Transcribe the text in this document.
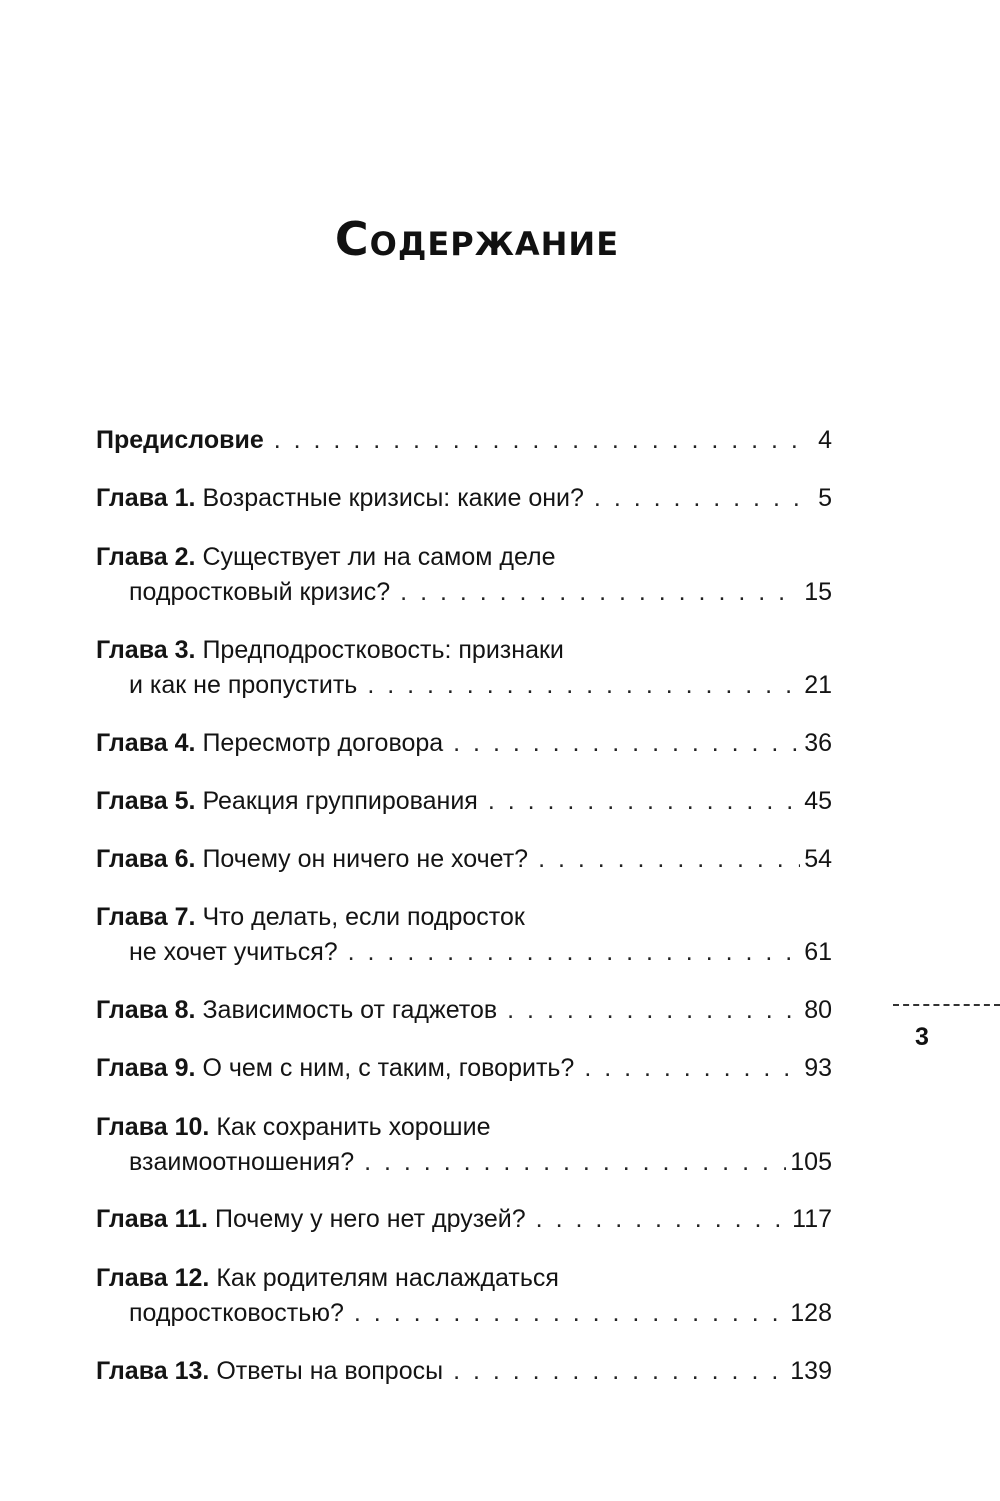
Содержание
Предисловие . . .	4
Глава 1. Возрастные кризисы: какие они? . . .	5
Глава 2. Существует ли на самом деле
подростковый кризис? . . .	15
Глава 3. Предподростковость: признаки
и как не пропустить . . .	21
Глава 4. Пересмотр договора . . .	36
Глава 5. Реакция группирования . . .	45
Глава 6. Почему он ничего не хочет? . . .	54
Глава 7. Что делать, если подросток
не хочет учиться? . . .	61
Глава 8. Зависимость от гаджетов . . .	80
Глава 9. О чем с ним, с таким, говорить? . . .	93
Глава 10. Как сохранить хорошие
взаимоотношения? . . .	105
Глава 11. Почему у него нет друзей? . . .	117
Глава 12. Как родителям наслаждаться
подростковостью? . . .	128
Глава 13. Ответы на вопросы . . .	139
3
